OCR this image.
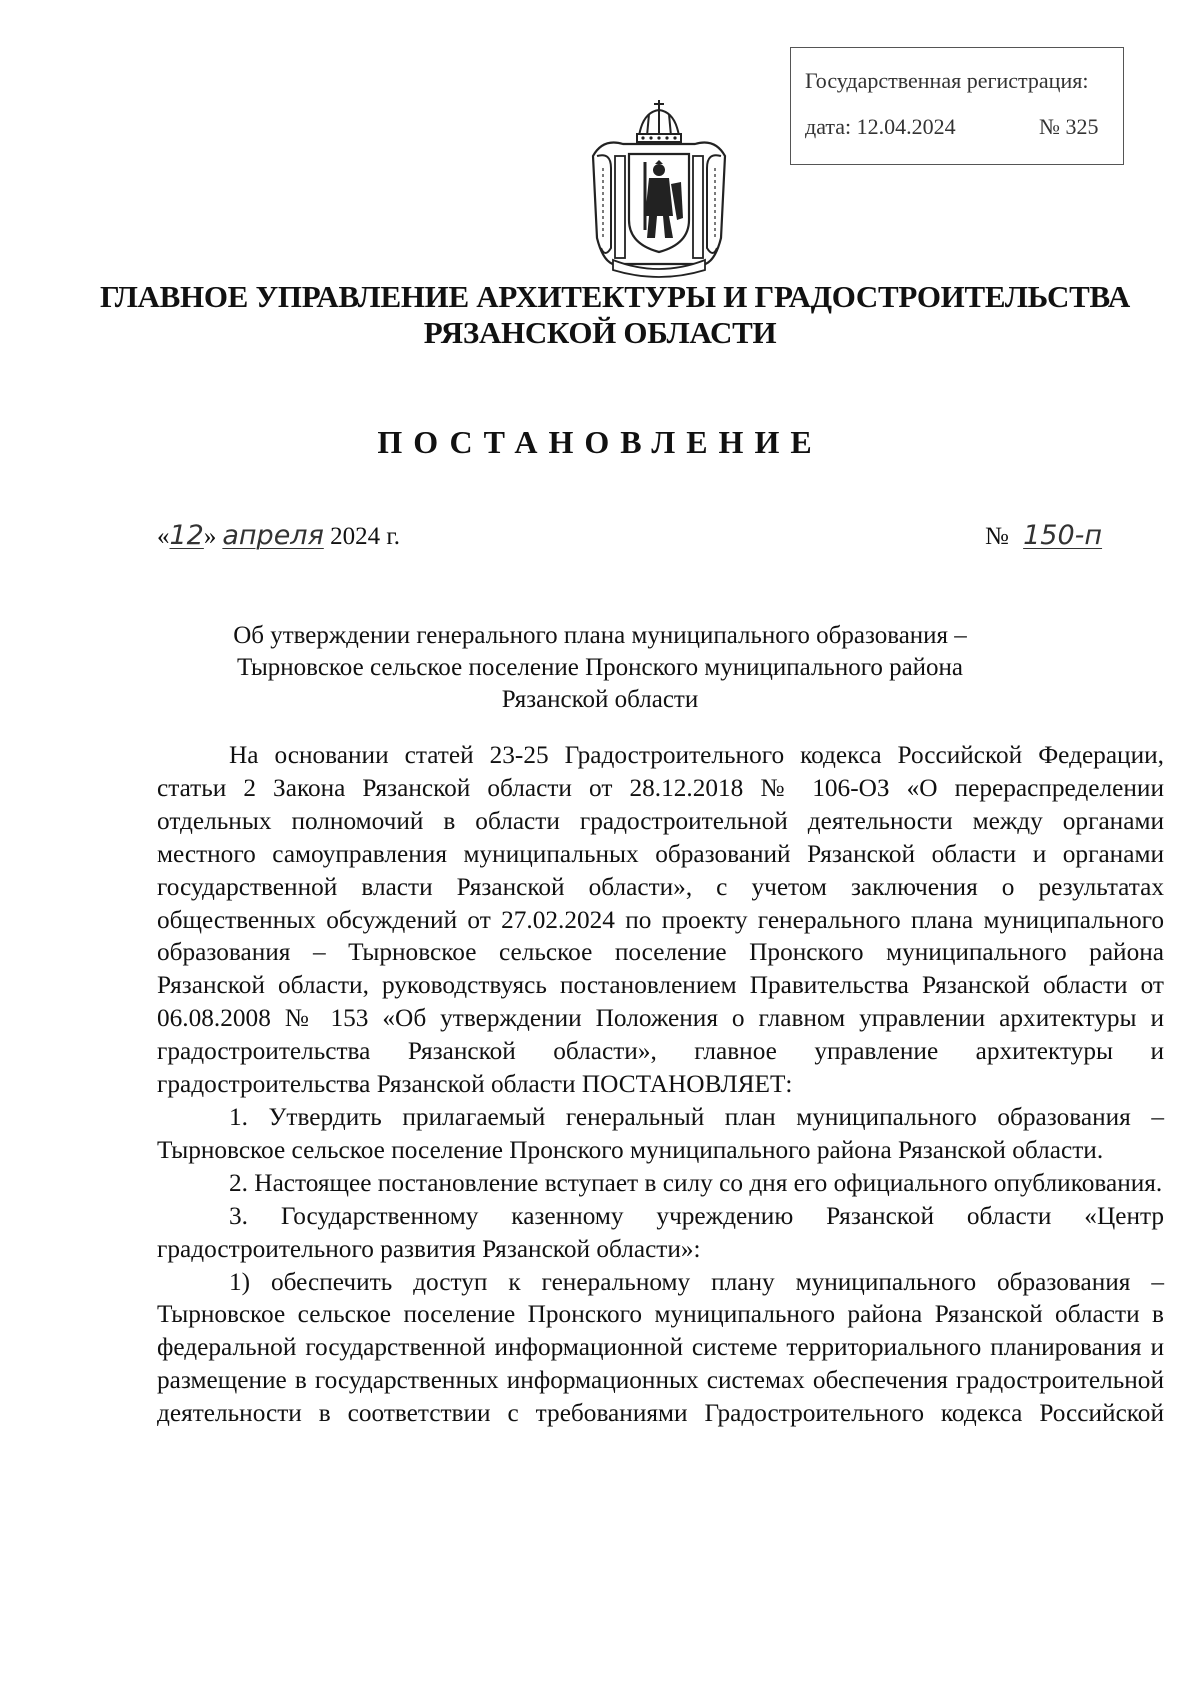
Государственная регистрация:
дата: 12.04.2024	№ 325
ГЛАВНОЕ УПРАВЛЕНИЕ АРХИТЕКТУРЫ И ГРАДОСТРОИТЕЛЬСТВА
РЯЗАНСКОЙ ОБЛАСТИ
ПОСТАНОВЛЕНИЕ
«12» апреля 2024 г.	№ 150-п
Об утверждении генерального плана муниципального образования –
Тырновское сельское поселение Пронского муниципального района
Рязанской области

На основании статей 23-25 Градостроительного кодекса Российской Федерации, статьи 2 Закона Рязанской области от 28.12.2018 № 106-ОЗ «О перераспределении отдельных полномочий в области градостроительной деятельности между органами местного самоуправления муниципальных образований Рязанской области и органами государственной власти Рязанской области», с учетом заключения о результатах общественных обсуждений от 27.02.2024 по проекту генерального плана муниципального образования – Тырновское сельское поселение Пронского муниципального района Рязанской области, руководствуясь постановлением Правительства Рязанской области от 06.08.2008 № 153 «Об утверждении Положения о главном управлении архитектуры и градостроительства Рязанской области», главное управление архитектуры и градостроительства Рязанской области ПОСТАНОВЛЯЕТ:

1. Утвердить прилагаемый генеральный план муниципального образования – Тырновское сельское поселение Пронского муниципального района Рязанской области.

2. Настоящее постановление вступает в силу со дня его официального опубликования.

3. Государственному казенному учреждению Рязанской области «Центр градостроительного развития Рязанской области»:

1) обеспечить доступ к генеральному плану муниципального образования – Тырновское сельское поселение Пронского муниципального района Рязанской области в федеральной государственной информационной системе территориального планирования и размещение в государственных информационных системах обеспечения градостроительной деятельности в соответствии с требованиями Градостроительного кодекса Российской
